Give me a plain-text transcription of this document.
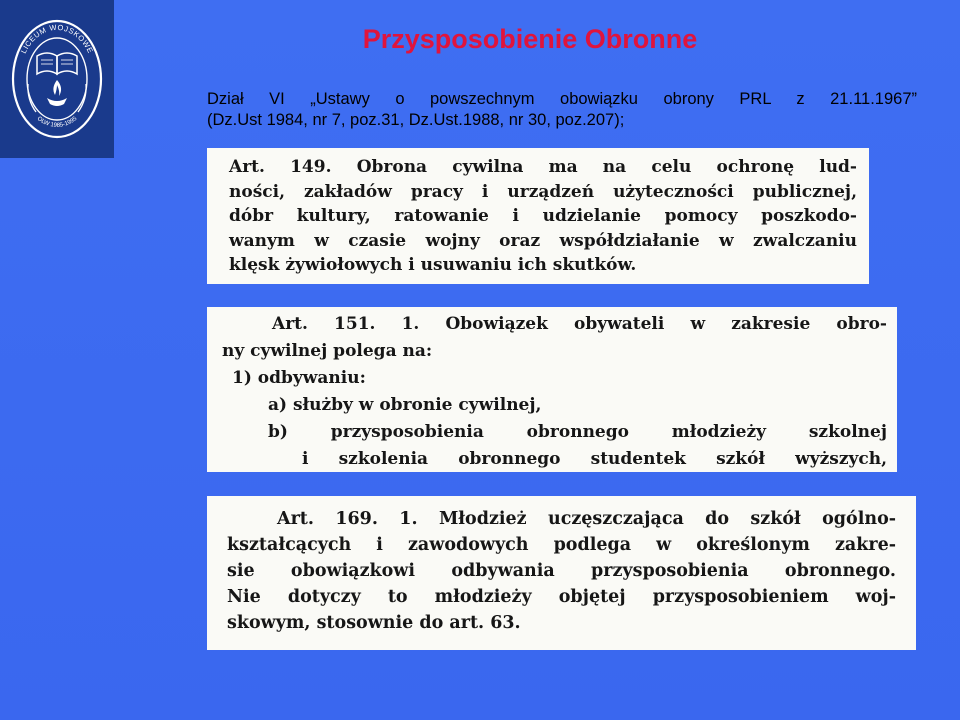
LICEUM WOJSKOWE
OLW 1985-1995
Przysposobienie Obronne
Dział VI „Ustawy o powszechnym obowiązku obrony PRL z 21.11.1967”
(Dz.Ust 1984, nr 7, poz.31, Dz.Ust.1988, nr 30, poz.207);
Art. 149. Obrona cywilna ma na celu ochronę lud-
ności, zakładów pracy i urządzeń użyteczności publicznej,
dóbr kultury, ratowanie i udzielanie pomocy poszkodo-
wanym w czasie wojny oraz współdziałanie w zwalczaniu
klęsk żywiołowych i usuwaniu ich skutków.
Art. 151. 1. Obowiązek obywateli w zakresie obro-
ny cywilnej polega na:
1) odbywaniu:
a) służby w obronie cywilnej,
b) przysposobienia obronnego młodzieży szkolnej
i szkolenia obronnego studentek szkół wyższych,
Art. 169. 1. Młodzież uczęszczająca do szkół ogólno-
kształcących i zawodowych podlega w określonym zakre-
sie obowiązkowi odbywania przysposobienia obronnego.
Nie dotyczy to młodzieży objętej przysposobieniem woj-
skowym, stosownie do art. 63.
